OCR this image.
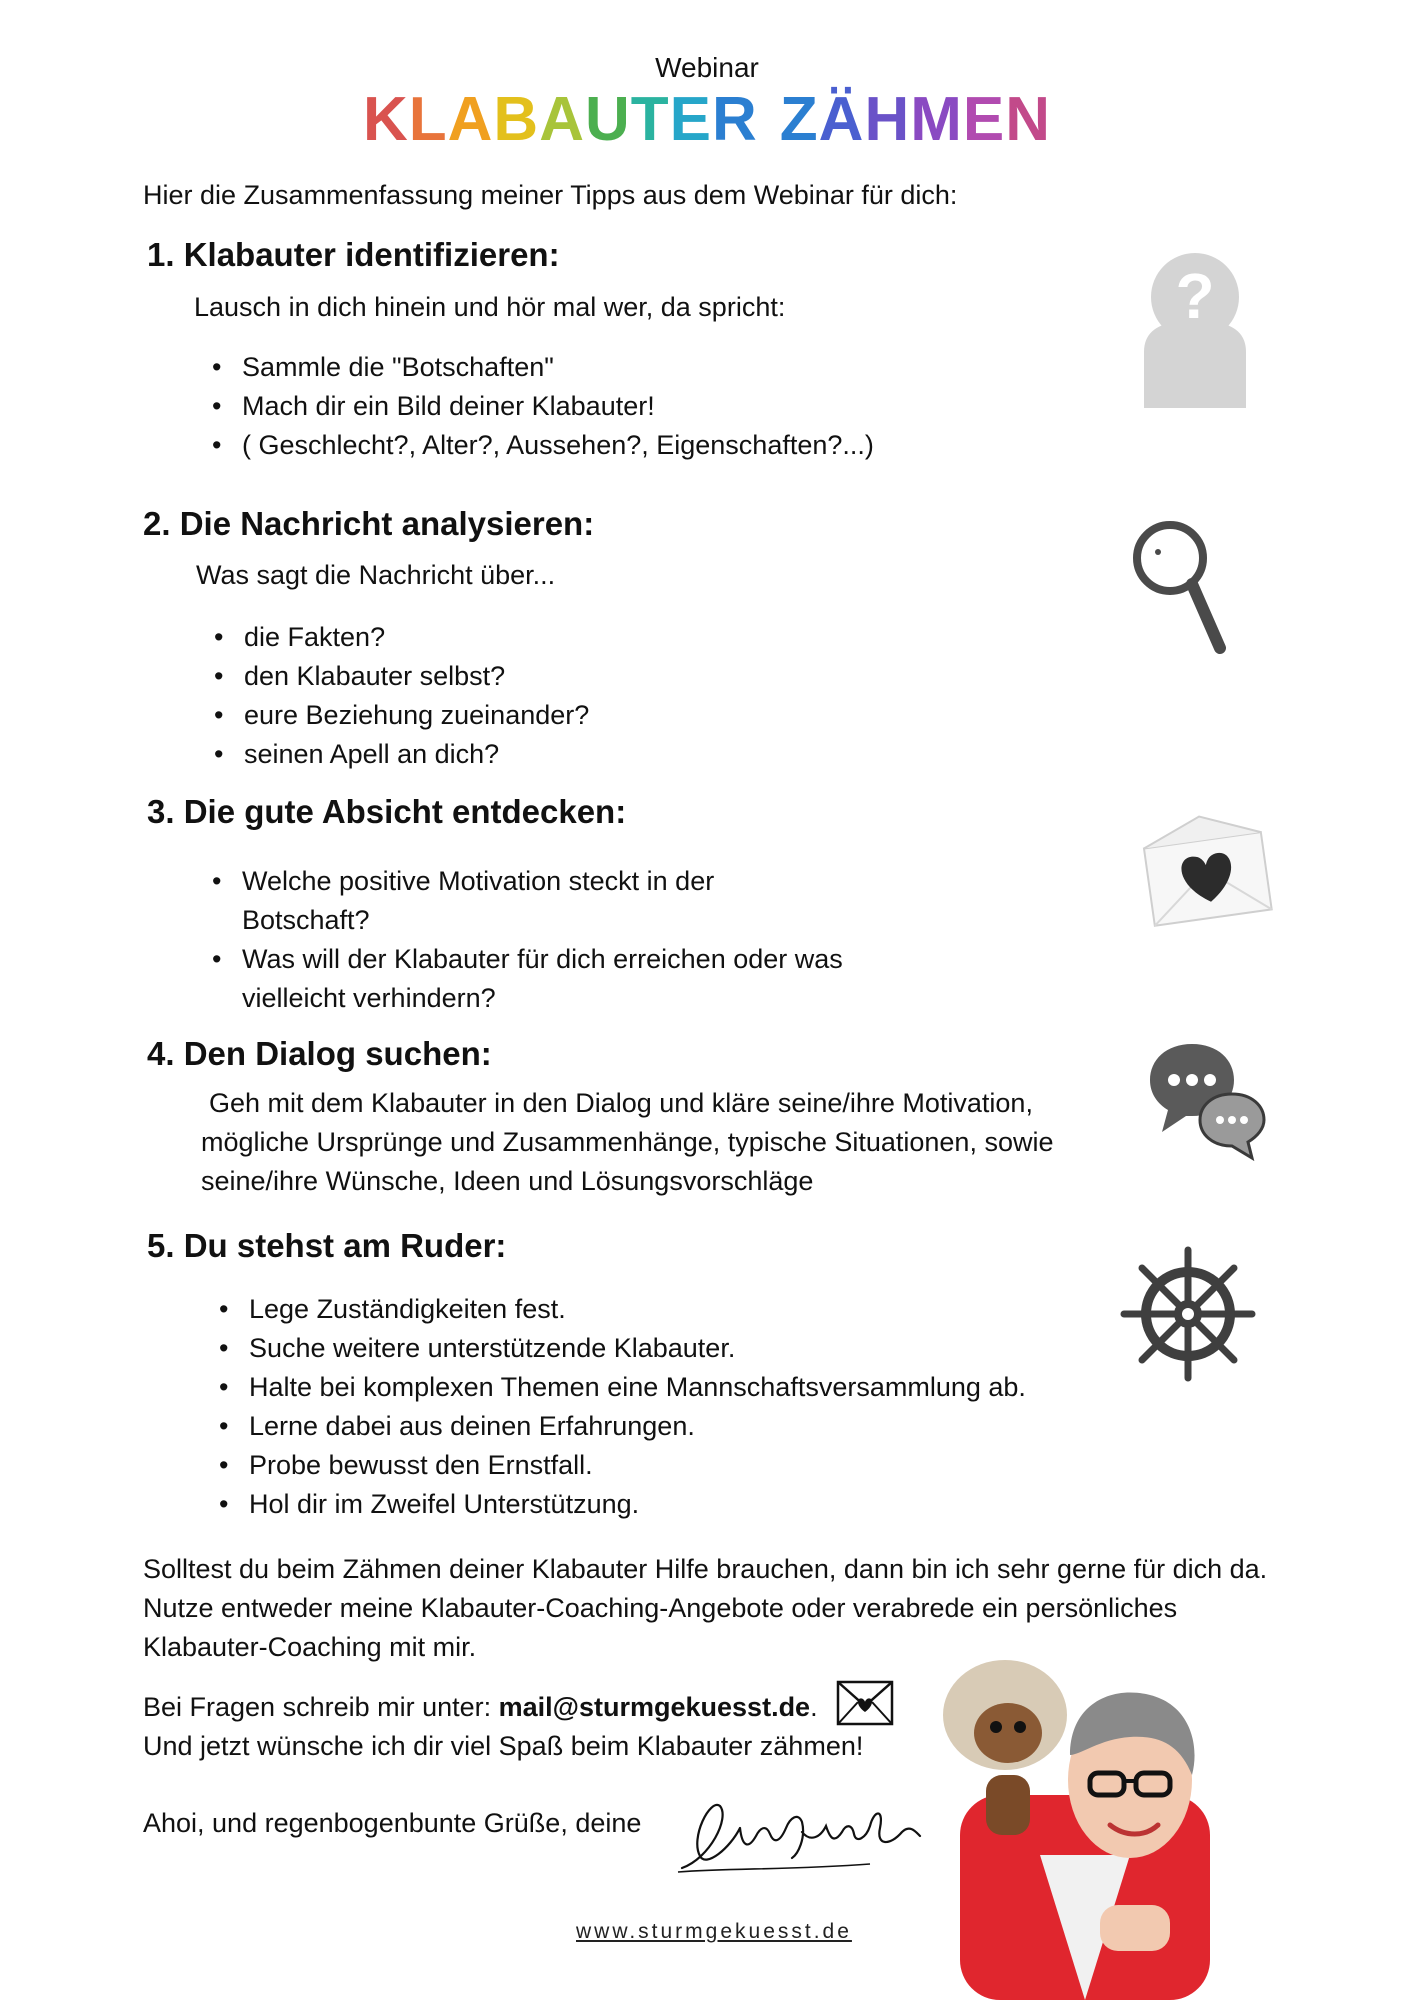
Webinar
KLABAUTER ZÄHMEN
Hier die Zusammenfassung meiner Tipps aus dem Webinar für dich:
1. Klabauter identifizieren:
Lausch in dich hinein und hör mal wer, da spricht:
• Sammle die "Botschaften"
• Mach dir ein Bild deiner Klabauter!
• ( Geschlecht?, Alter?, Aussehen?, Eigenschaften?...)
?
2. Die Nachricht analysieren:
Was sagt die Nachricht über...
• die Fakten?
• den Klabauter selbst?
• eure Beziehung zueinander?
• seinen Apell an dich?
3. Die gute Absicht entdecken:
• Welche positive Motivation steckt in der
Botschaft?
• Was will der Klabauter für dich erreichen oder was
vielleicht verhindern?
4. Den Dialog suchen:
Geh mit dem Klabauter in den Dialog und kläre seine/ihre Motivation,
mögliche Ursprünge und Zusammenhänge, typische Situationen, sowie
seine/ihre Wünsche, Ideen und Lösungsvorschläge
5. Du stehst am Ruder:
• Lege Zuständigkeiten fest.
• Suche weitere unterstützende Klabauter.
• Halte bei komplexen Themen eine Mannschaftsversammlung ab.
• Lerne dabei aus deinen Erfahrungen.
• Probe bewusst den Ernstfall.
• Hol dir im Zweifel Unterstützung.
Solltest du beim Zähmen deiner Klabauter Hilfe brauchen, dann bin ich sehr gerne für dich da.
Nutze entweder meine Klabauter-Coaching-Angebote oder verabrede ein persönliches
Klabauter-Coaching mit mir.
Bei Fragen schreib mir unter: mail@sturmgekuesst.de.
Und jetzt wünsche ich dir viel Spaß beim Klabauter zähmen!
Ahoi, und regenbogenbunte Grüße, deine
www.sturmgekuesst.de
